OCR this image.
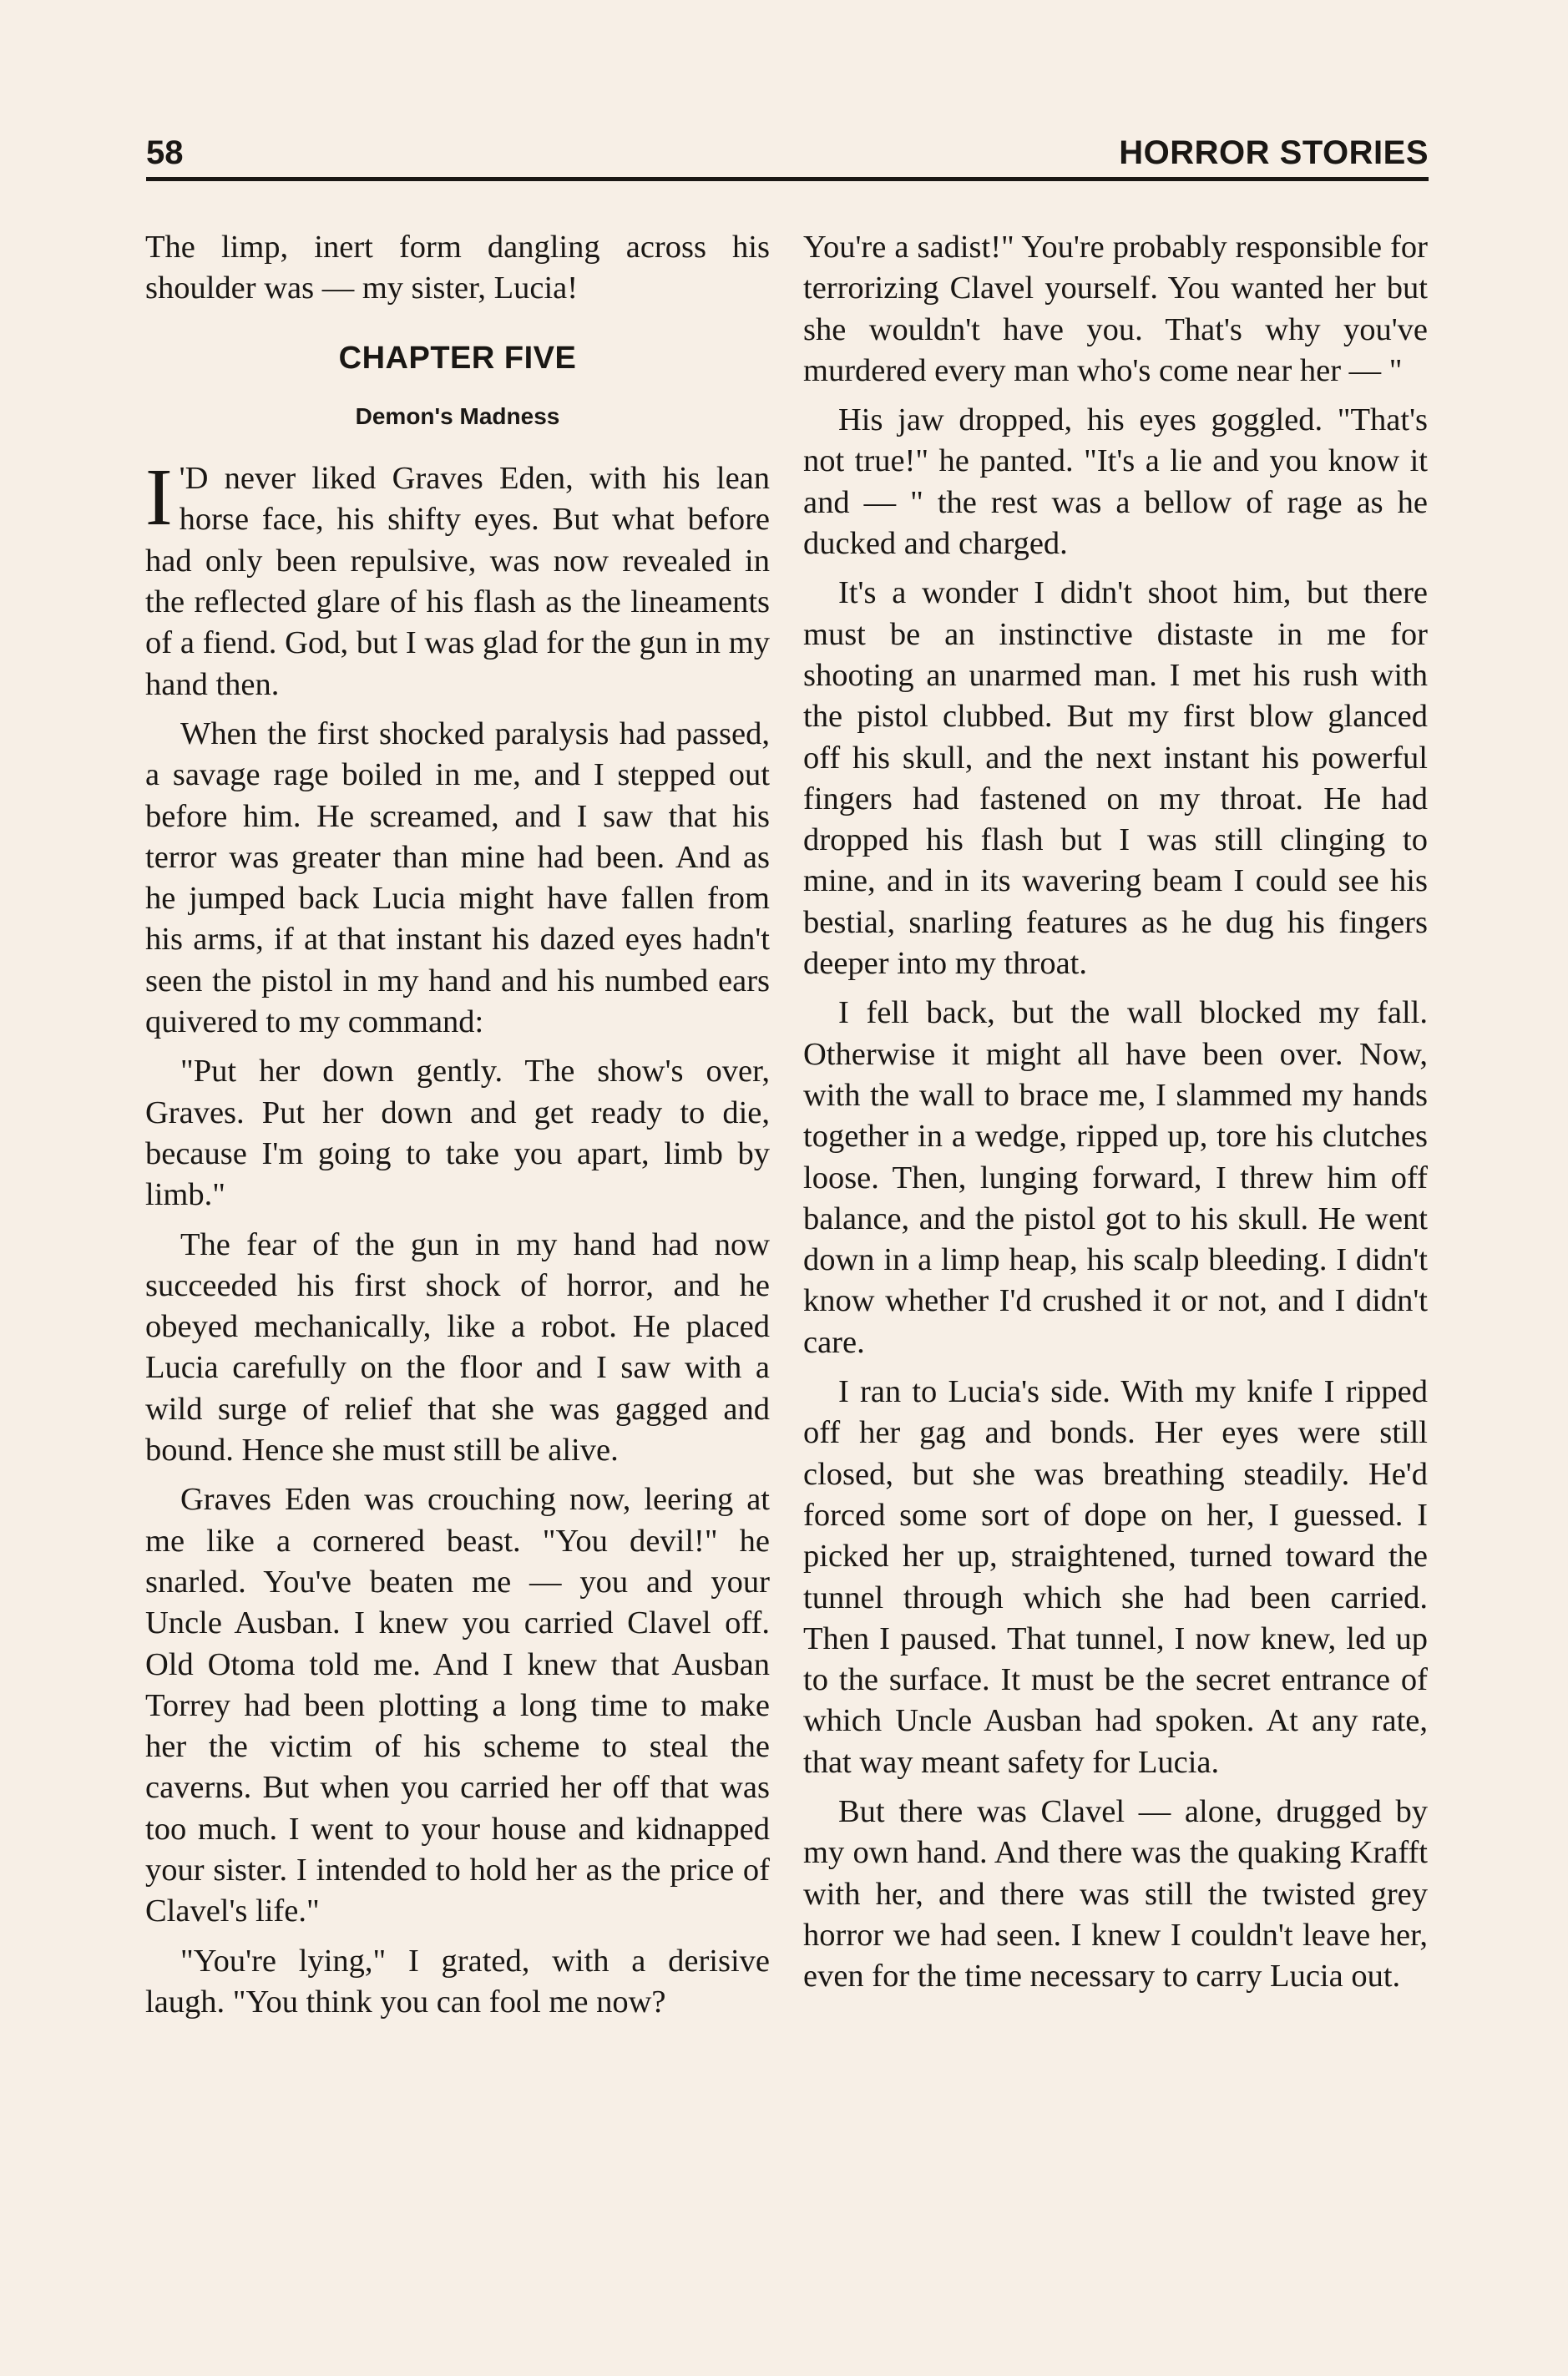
58	HORROR STORIES

The limp, inert form dangling across his shoulder was — my sister, Lucia!

CHAPTER FIVE
Demon's Madness

I 'D never liked Graves Eden, with his lean horse face, his shifty eyes. But what before had only been repulsive, was now revealed in the reflected glare of his flash as the lineaments of a fiend. God, but I was glad for the gun in my hand then.

When the first shocked paralysis had passed, a savage rage boiled in me, and I stepped out before him. He screamed, and I saw that his terror was greater than mine had been. And as he jumped back Lucia might have fallen from his arms, if at that instant his dazed eyes hadn't seen the pistol in my hand and his numbed ears quivered to my command:

"Put her down gently. The show's over, Graves. Put her down and get ready to die, because I'm going to take you apart, limb by limb."

The fear of the gun in my hand had now succeeded his first shock of horror, and he obeyed mechanically, like a robot. He placed Lucia carefully on the floor and I saw with a wild surge of relief that she was gagged and bound. Hence she must still be alive.

Graves Eden was crouching now, leering at me like a cornered beast. "You devil!" he snarled. You've beaten me — you and your Uncle Ausban. I knew you carried Clavel off. Old Otoma told me. And I knew that Ausban Torrey had been plotting a long time to make her the victim of his scheme to steal the caverns. But when you carried her off that was too much. I went to your house and kidnapped your sister. I intended to hold her as the price of Clavel's life."

"You're lying," I grated, with a derisive laugh. "You think you can fool me now?

You're a sadist!" You're probably responsible for terrorizing Clavel yourself. You wanted her but she wouldn't have you. That's why you've murdered every man who's come near her — "

His jaw dropped, his eyes goggled. "That's not true!" he panted. "It's a lie and you know it and — " the rest was a bellow of rage as he ducked and charged.

It's a wonder I didn't shoot him, but there must be an instinctive distaste in me for shooting an unarmed man. I met his rush with the pistol clubbed. But my first blow glanced off his skull, and the next instant his powerful fingers had fastened on my throat. He had dropped his flash but I was still clinging to mine, and in its wavering beam I could see his bestial, snarling features as he dug his fingers deeper into my throat.

I fell back, but the wall blocked my fall. Otherwise it might all have been over. Now, with the wall to brace me, I slammed my hands together in a wedge, ripped up, tore his clutches loose. Then, lunging forward, I threw him off balance, and the pistol got to his skull. He went down in a limp heap, his scalp bleeding. I didn't know whether I'd crushed it or not, and I didn't care.

I ran to Lucia's side. With my knife I ripped off her gag and bonds. Her eyes were still closed, but she was breathing steadily. He'd forced some sort of dope on her, I guessed. I picked her up, straightened, turned toward the tunnel through which she had been carried. Then I paused. That tunnel, I now knew, led up to the surface. It must be the secret entrance of which Uncle Ausban had spoken. At any rate, that way meant safety for Lucia.

But there was Clavel — alone, drugged by my own hand. And there was the quaking Krafft with her, and there was still the twisted grey horror we had seen. I knew I couldn't leave her, even for the time necessary to carry Lucia out.
